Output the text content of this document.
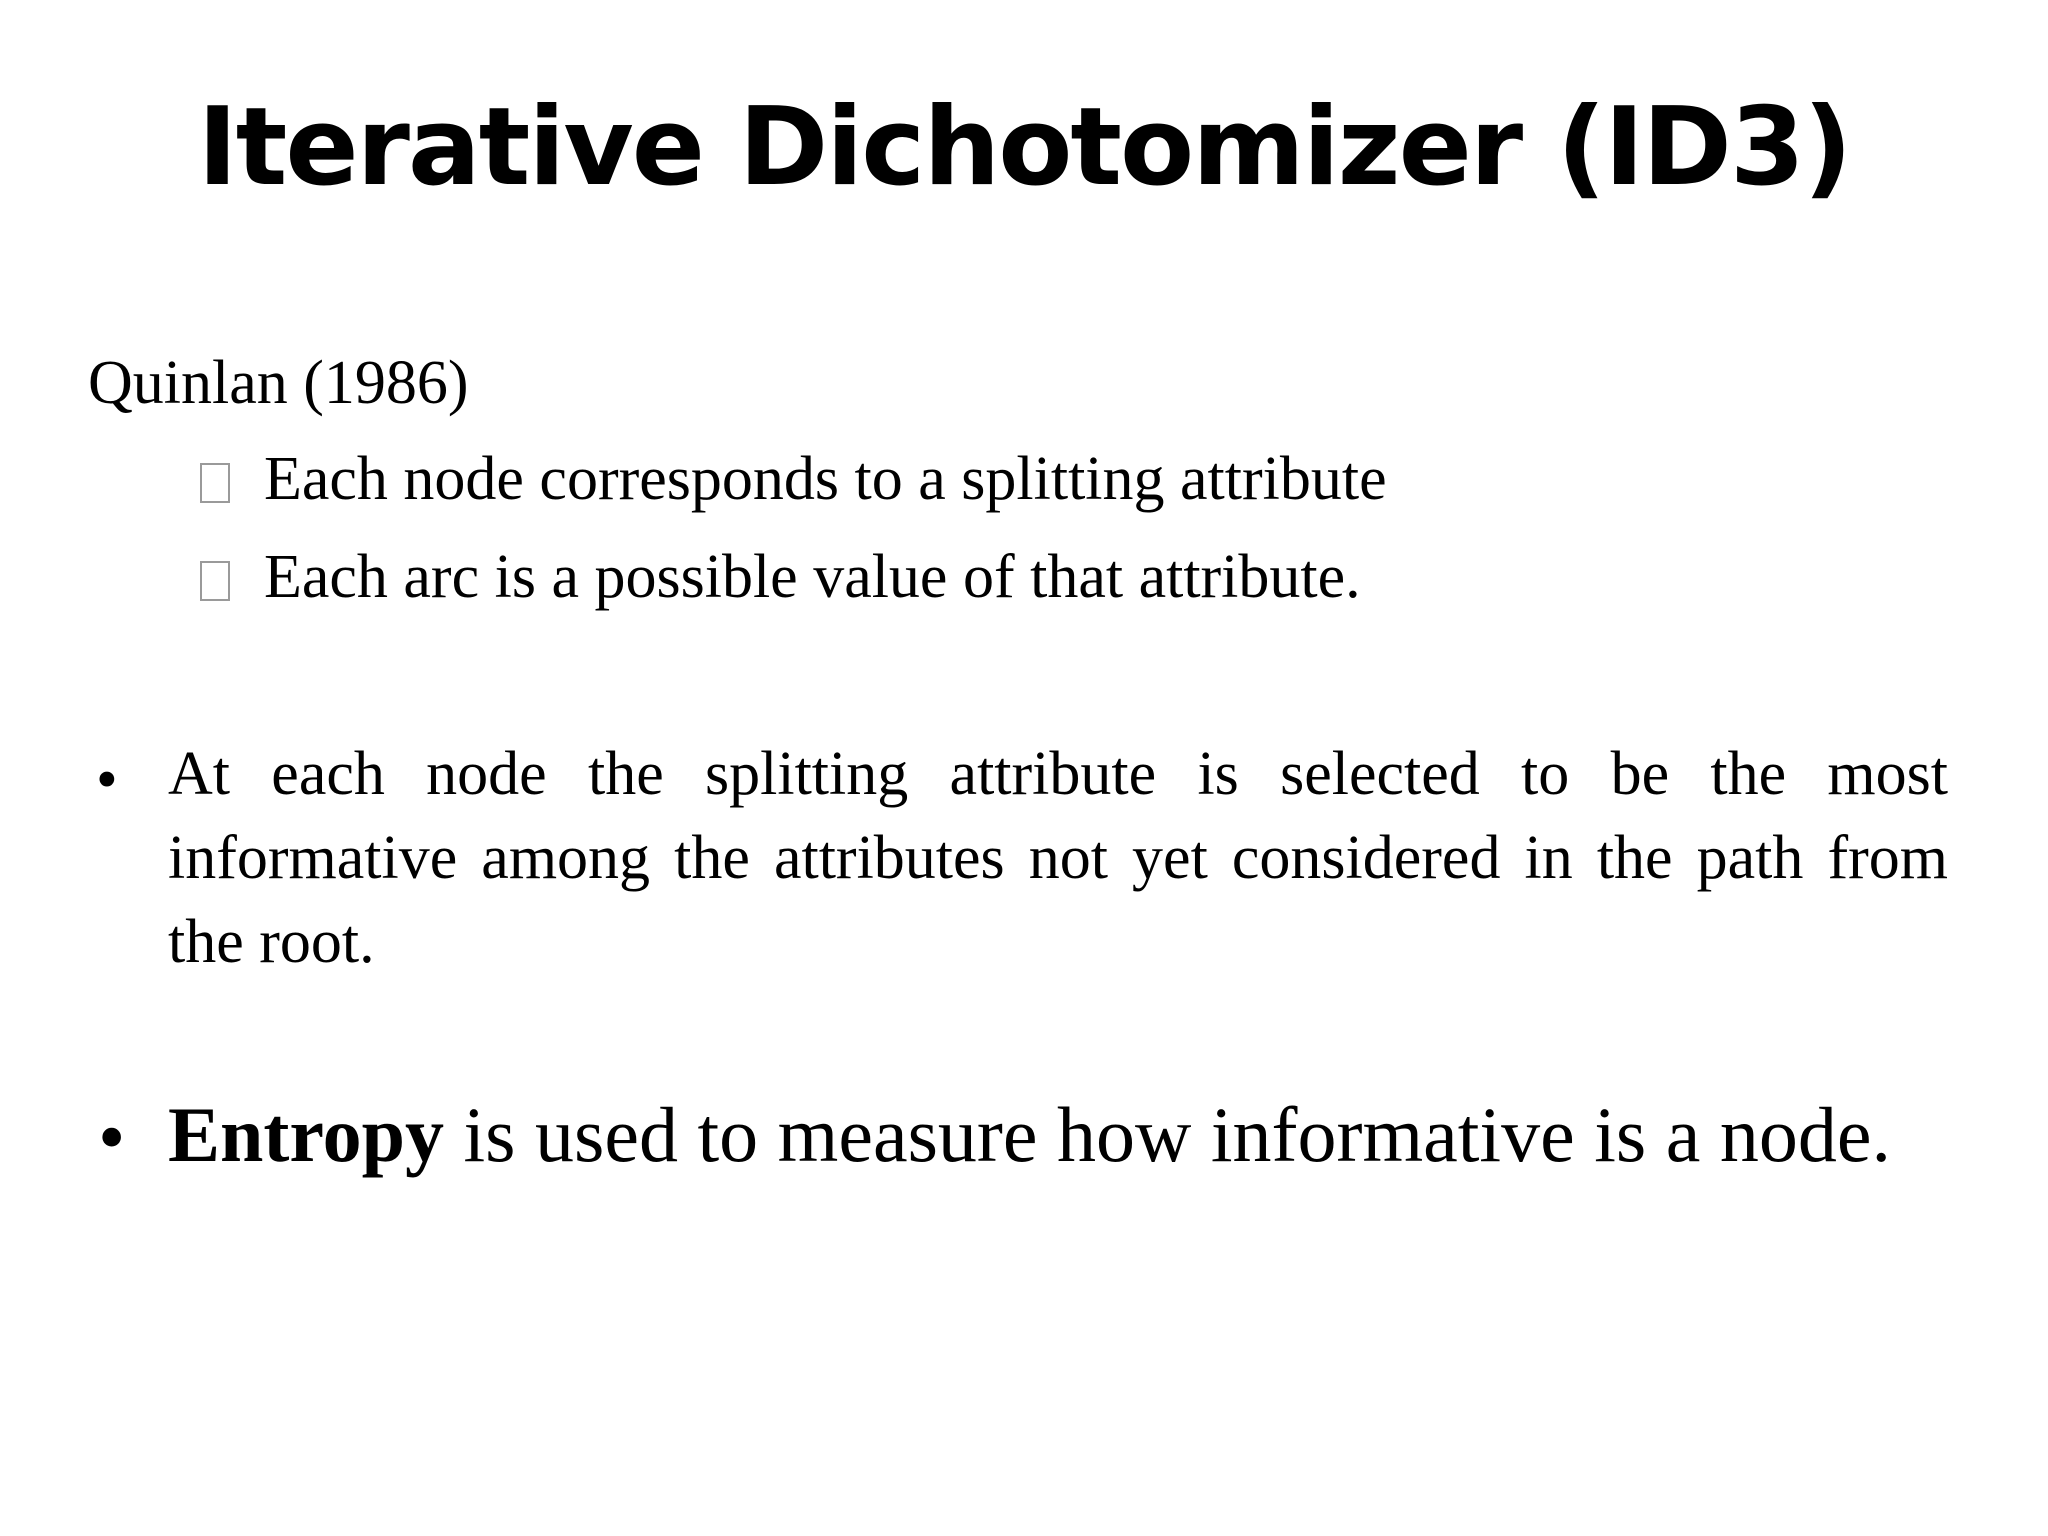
Iterative Dichotomizer (ID3)
Quinlan (1986)
Each node corresponds to a splitting attribute
Each arc is a possible value of that attribute.
• At each node the splitting attribute is selected to be the most informative among the attributes not yet considered in the path from the root.
• Entropy is used to measure how informative is a node.
